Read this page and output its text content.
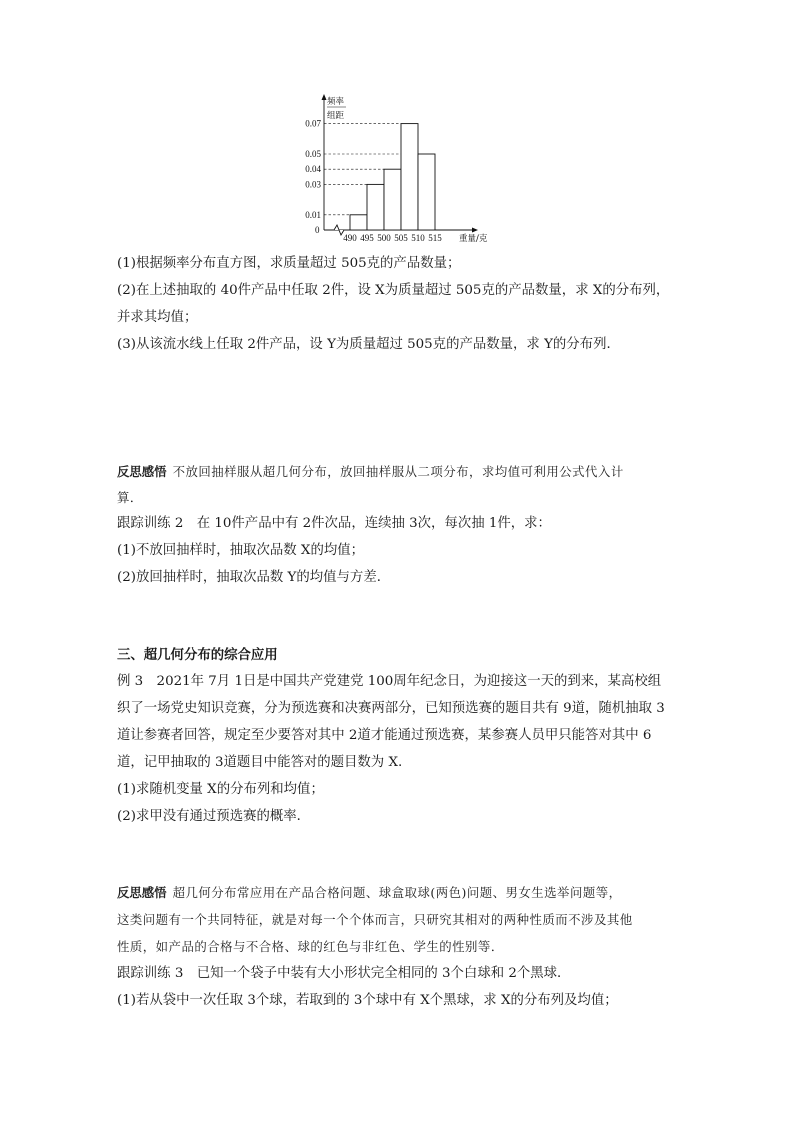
频率
组距
0
重量/克
0.07
0.05
0.04
0.03
0.01
490 495 500 505 510 515
(1)根据频率分布直方图，求质量超过 505克的产品数量；
(2)在上述抽取的 40件产品中任取 2件，设 X为质量超过 505克的产品数量，求 X的分布列，
并求其均值；
(3)从该流水线上任取 2件产品，设 Y为质量超过 505克的产品数量，求 Y的分布列．
反思感悟 不放回抽样服从超几何分布，放回抽样服从二项分布，求均值可利用公式代入计
算．
跟踪训练 2　在 10件产品中有 2件次品，连续抽 3次，每次抽 1件，求：
(1)不放回抽样时，抽取次品数 X的均值；
(2)放回抽样时，抽取次品数 Y的均值与方差．
三、超几何分布的综合应用
例 3　2021年 7月 1日是中国共产党建党 100周年纪念日，为迎接这一天的到来，某高校组
织了一场党史知识竞赛，分为预选赛和决赛两部分，已知预选赛的题目共有 9道，随机抽取 3
道让参赛者回答，规定至少要答对其中 2道才能通过预选赛，某参赛人员甲只能答对其中 6
道，记甲抽取的 3道题目中能答对的题目数为 X.
(1)求随机变量 X的分布列和均值；
(2)求甲没有通过预选赛的概率．
反思感悟 超几何分布常应用在产品合格问题、球盒取球(两色)问题、男女生选举问题等，
这类问题有一个共同特征，就是对每一个个体而言，只研究其相对的两种性质而不涉及其他
性质，如产品的合格与不合格、球的红色与非红色、学生的性别等．
跟踪训练 3　已知一个袋子中装有大小形状完全相同的 3个白球和 2个黑球．
(1)若从袋中一次任取 3个球，若取到的 3个球中有 X个黑球，求 X的分布列及均值；
